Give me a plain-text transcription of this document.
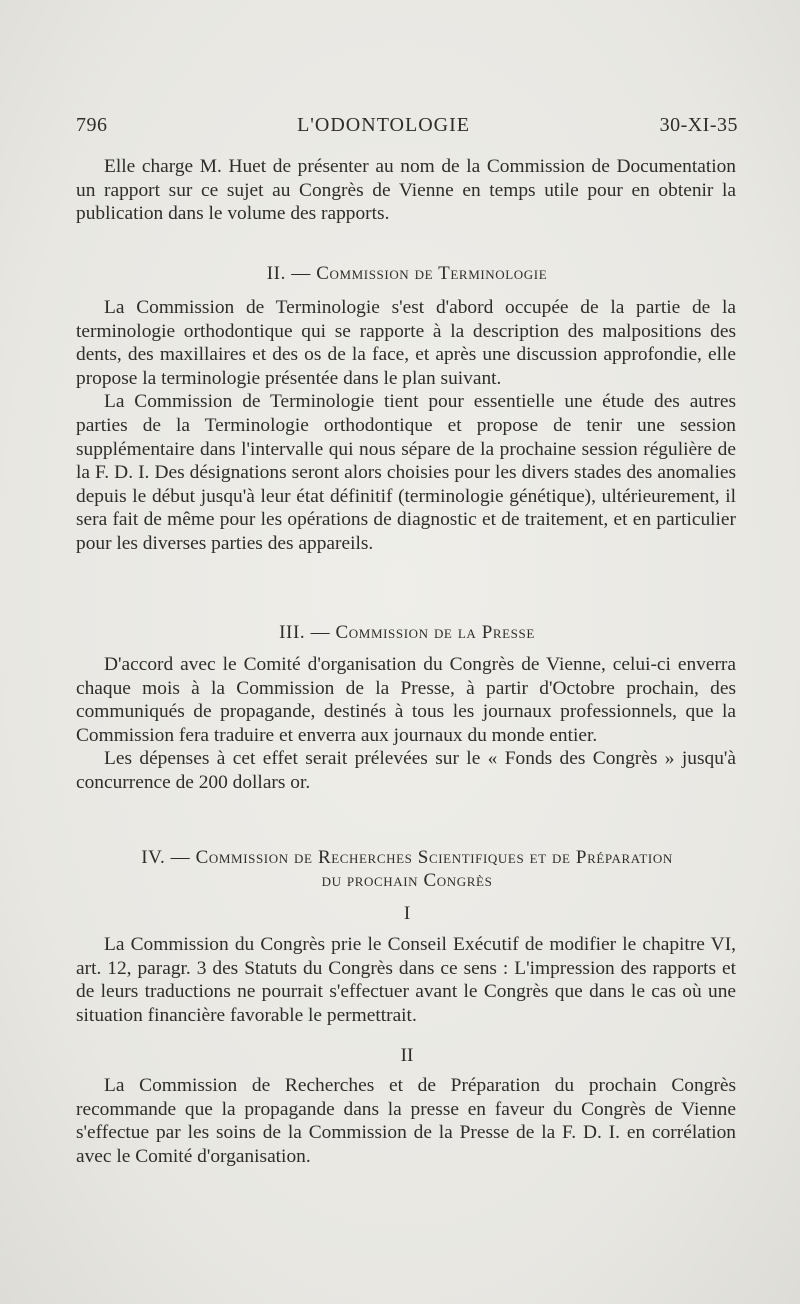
796	L'ODONTOLOGIE	30-XI-35

Elle charge M. Huet de présenter au nom de la Commission de Documentation un rapport sur ce sujet au Congrès de Vienne en temps utile pour en obtenir la publication dans le volume des rapports.

II. — Commission de Terminologie

La Commission de Terminologie s'est d'abord occupée de la partie de la terminologie orthodontique qui se rapporte à la description des malpositions des dents, des maxillaires et des os de la face, et après une discussion approfondie, elle propose la terminologie présentée dans le plan suivant.

La Commission de Terminologie tient pour essentielle une étude des autres parties de la Terminologie orthodontique et propose de tenir une session supplémentaire dans l'intervalle qui nous sépare de la prochaine session régulière de la F. D. I. Des désignations seront alors choisies pour les divers stades des anomalies depuis le début jusqu'à leur état définitif (terminologie génétique), ultérieurement, il sera fait de même pour les opérations de diagnostic et de traitement, et en particulier pour les diverses parties des appareils.

III. — Commission de la Presse

D'accord avec le Comité d'organisation du Congrès de Vienne, celui-ci enverra chaque mois à la Commission de la Presse, à partir d'Octobre prochain, des communiqués de propagande, destinés à tous les journaux professionnels, que la Commission fera traduire et enverra aux journaux du monde entier.

Les dépenses à cet effet serait prélevées sur le « Fonds des Congrès » jusqu'à concurrence de 200 dollars or.

IV. — Commission de Recherches Scientifiques et de Préparation
du prochain Congrès
I

La Commission du Congrès prie le Conseil Exécutif de modifier le chapitre VI, art. 12, paragr. 3 des Statuts du Congrès dans ce sens : L'impression des rapports et de leurs traductions ne pourrait s'effectuer avant le Congrès que dans le cas où une situation financière favorable le permettrait.

II

La Commission de Recherches et de Préparation du prochain Congrès recommande que la propagande dans la presse en faveur du Congrès de Vienne s'effectue par les soins de la Commission de la Presse de la F. D. I. en corrélation avec le Comité d'organisation.
